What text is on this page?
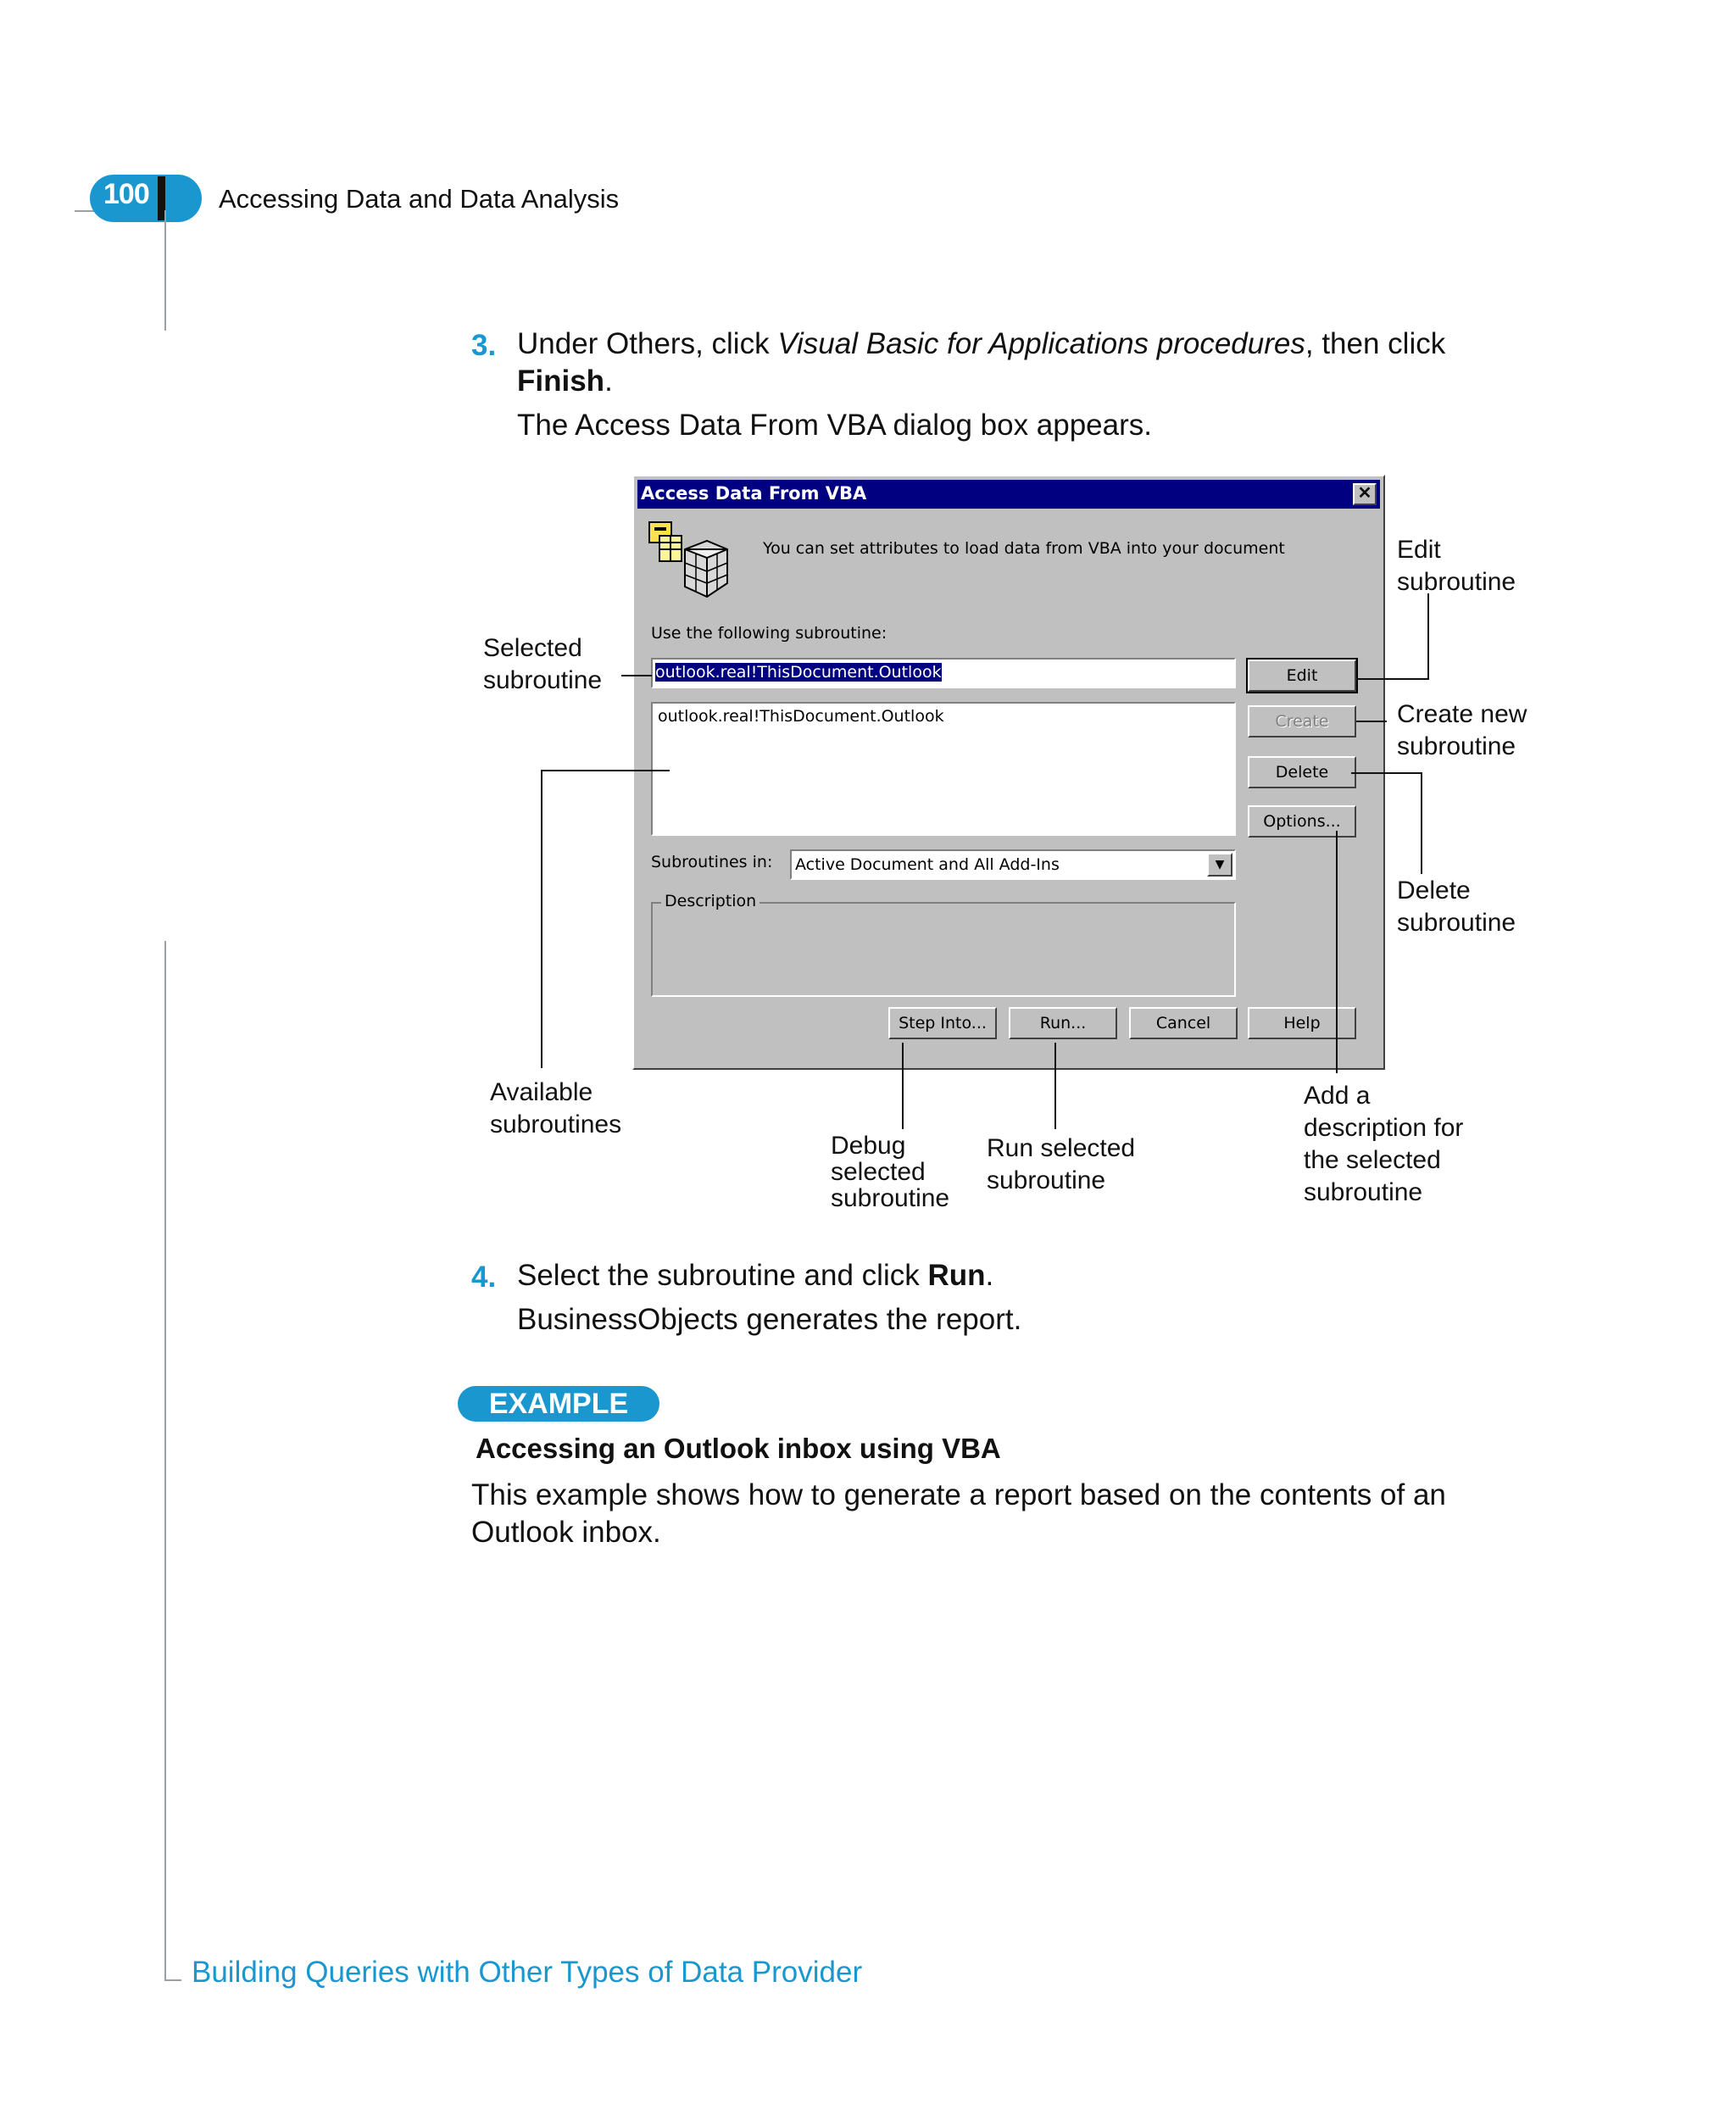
100	Accessing Data and Data Analysis
Building Queries with Other Types of Data Provider
3. Under Others, click Visual Basic for Applications procedures, then click
Finish.
The Access Data From VBA dialog box appears.
Access Data From VBA	✕
You can set attributes to load data from VBA into your document
Use the following subroutine:
outlook.real!ThisDocument.Outlook
outlook.real!ThisDocument.Outlook
Subroutines in: Active Document and All Add-Ins	▼
Description
Edit
Create
Delete
Options...
Step Into...	Run...	Cancel	Help
Selected
subroutine
Available
subroutines
Debug
selected
subroutine
Run selected
subroutine
Add a
description for
the selected
subroutine
Edit
subroutine
Create new
subroutine
Delete
subroutine
4. Select the subroutine and click Run.
BusinessObjects generates the report.
EXAMPLE
Accessing an Outlook inbox using VBA
This example shows how to generate a report based on the contents of an
Outlook inbox.
